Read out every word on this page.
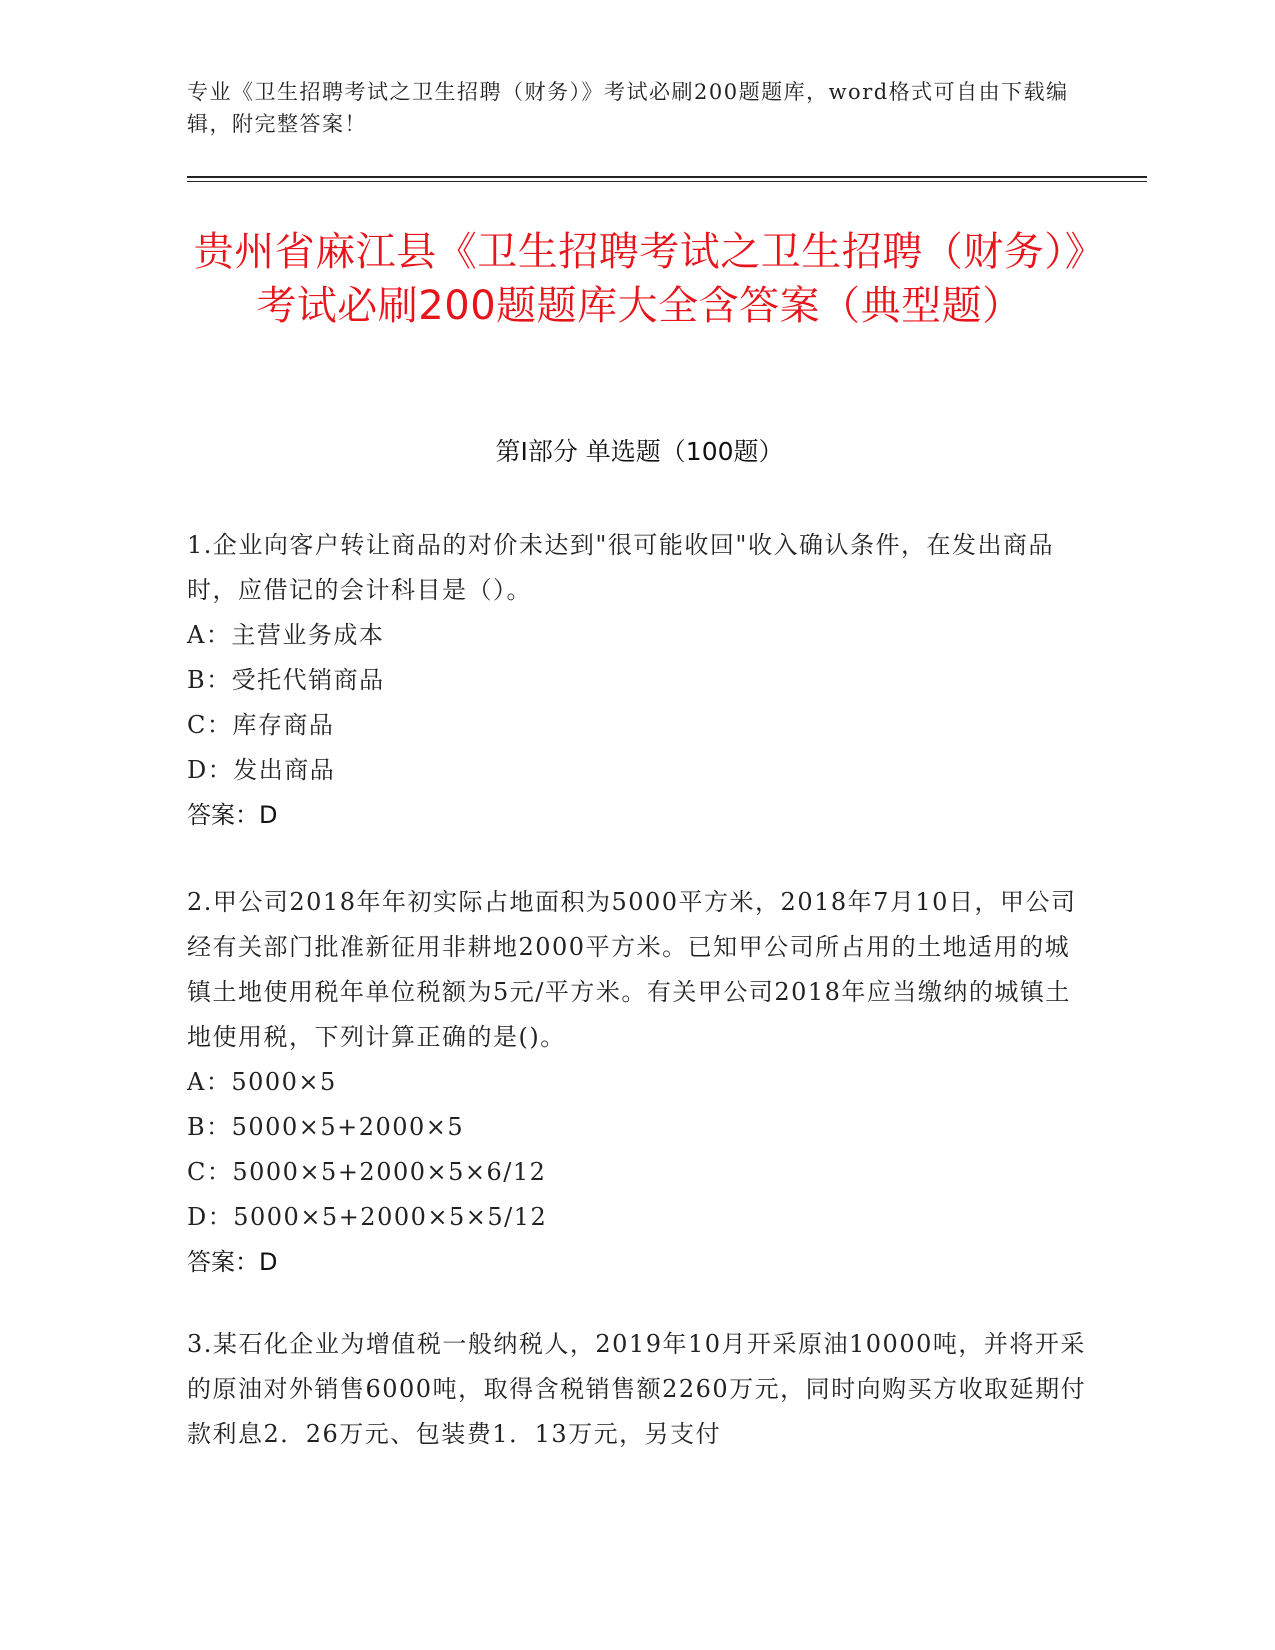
专业《卫生招聘考试之卫生招聘（财务）》考试必刷200题题库，word格式可自由下载编辑，附完整答案！
贵州省麻江县《卫生招聘考试之卫生招聘（财务）》考试必刷200题题库大全含答案（典型题）
第Ⅰ部分 单选题（100题）

1.企业向客户转让商品的对价未达到"很可能收回"收入确认条件，在发出商品时，应借记的会计科目是（）。

A：主营业务成本
B：受托代销商品
C：库存商品
D：发出商品

答案：D

2.甲公司2018年年初实际占地面积为5000平方米，2018年7月10日，甲公司经有关部门批准新征用非耕地2000平方米。已知甲公司所占用的土地适用的城镇土地使用税年单位税额为5元/平方米。有关甲公司2018年应当缴纳的城镇土地使用税，下列计算正确的是()。

A：5000×5
B：5000×5+2000×5
C：5000×5+2000×5×6/12
D：5000×5+2000×5×5/12

答案：D

3.某石化企业为增值税一般纳税人，2019年10月开采原油10000吨，并将开采的原油对外销售6000吨，取得含税销售额2260万元，同时向购买方收取延期付款利息2．26万元、包装费1．13万元，另支付
